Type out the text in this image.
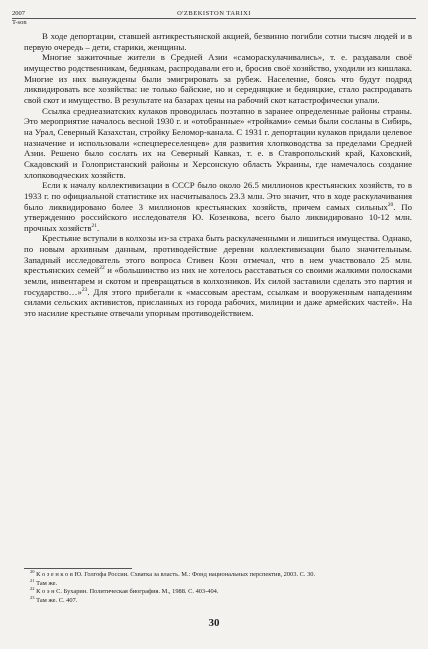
2007
T-son
O'ZBEKISTON TARIXI

В ходе депортации, ставшей антикрестьянской акцией, безвинно погибли сотни тысяч людей и в первую очередь – дети, старики, женщины.

Многие зажиточные жители в Средней Азии «самораскулачивались», т. е. раздавали своё имущество родственникам, беднякам, распродавали его и, бросив своё хозяйство, уходили из кишлака. Многие из них вынуждены были эмигрировать за рубеж. Население, боясь что будут подряд ликвидировать все хозяйства: не только байские, но и середняцкие и бедняцкие, стало распродавать свой скот и имущество. В результате на базарах цены на рабочий скот катастрофически упали.

Ссылка среднеазиатских кулаков проводилась поэтапно в заранее определенные районы страны. Это мероприятие началось весной 1930 г. и «отобранные» «тройками» семьи были сосланы в Сибирь, на Урал, Северный Казахстан, стройку Беломор-канала. С 1931 г. депортации кулаков придали целевое назначение и использовали «спецпереселенцев» для развития хлопководства за пределами Средней Азии. Решено было сослать их на Северный Кавказ, т. е. в Ставропольский край, Каховский, Скадовский и Голопристанский районы и Херсонскую область Украины, где намечалось создание хлопководческих хозяйств.

Если к началу коллективизации в СССР было около 26.5 миллионов крестьянских хозяйств, то в 1933 г. по официальной статистике их насчитывалось 23.3 млн. Это значит, что в ходе раскулачивания было ликвидировано более 3 миллионов крестьянских хозяйств, причем самых сильных$^{20}$. По утверждению российского исследователя Ю. Козенкова, всего было ликвидировано 10-12 млн. прочных хозяйств$^{21}$.

Крестьяне вступали в колхозы из-за страха быть раскулаченными и лишиться имущества. Однако, по новым архивным данным, противодействие деревни коллективизации было значительным. Западный исследователь этого вопроса Стивен Коэн отмечал, что в нем участвовало 25 млн. крестьянских семей$^{22}$ и «большинство из них не хотелось расставаться со своими жалкими полосками земли, инвентарем и скотом и превращаться в колхозников. Их силой заставили сделать это партия и государство…»$^{23}$. Для этого прибегали к «массовым арестам, ссылкам и вооруженным нападениям силами сельских активистов, присланных из города рабочих, милиции и даже армейских частей». На это насилие крестьяне отвечали упорным противодействием.

$^{20}$ К о з е н к о в Ю. Голгофа России. Схватка за власть. М.: Фонд национальных перспектив, 2003. С. 30.
$^{21}$ Там же.
$^{22}$ К о э н С. Бухарин. Политическая биография. М., 1988. С. 403-404.
$^{23}$ Там же. С. 407.
30
